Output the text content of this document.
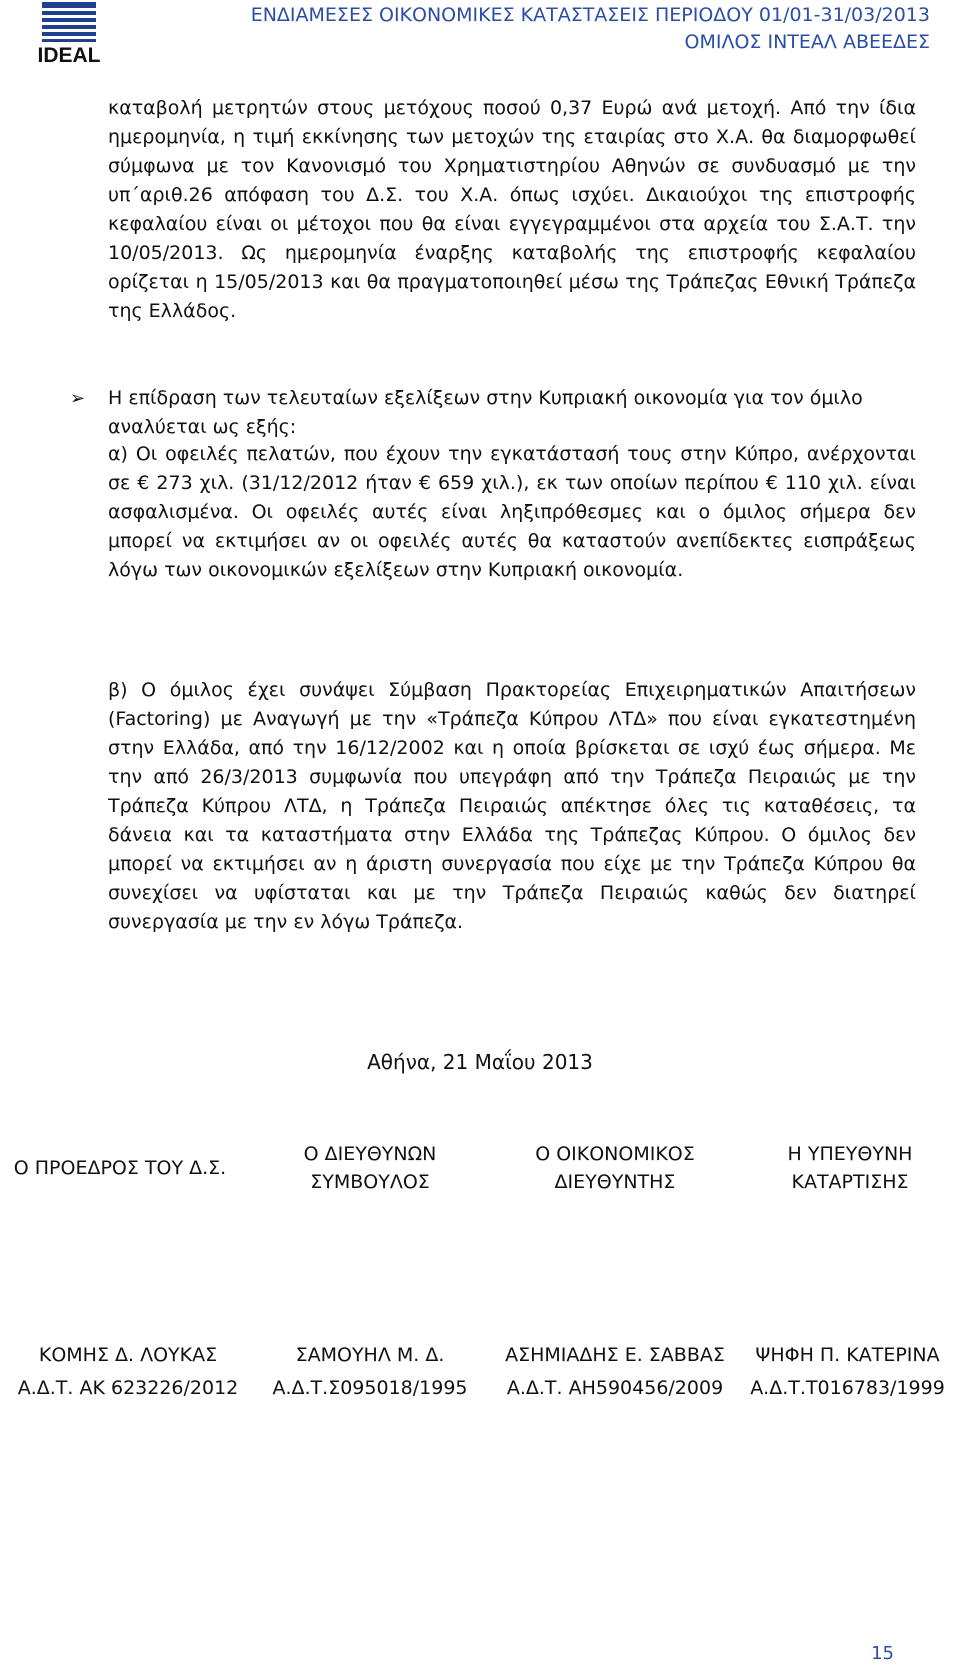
IDEAL
ΕΝΔΙΑΜΕΣΕΣ ΟΙΚΟΝΟΜΙΚΕΣ ΚΑΤΑΣΤΑΣΕΙΣ ΠΕΡΙΟΔΟΥ 01/01-31/03/2013
ΟΜΙΛΟΣ ΙΝΤΕΑΛ ΑΒΕΕΔΕΣ

καταβολή μετρητών στους μετόχους ποσού 0,37 Ευρώ ανά μετοχή. Από την ίδια ημερομηνία, η τιμή εκκίνησης των μετοχών της εταιρίας στο Χ.Α. θα διαμορφωθεί σύμφωνα με τον Κανονισμό του Χρηματιστηρίου Αθηνών σε συνδυασμό με την υπ΄αριθ.26 απόφαση του Δ.Σ. του Χ.Α. όπως ισχύει. Δικαιούχοι της επιστροφής κεφαλαίου είναι οι μέτοχοι που θα είναι εγγεγραμμένοι στα αρχεία του Σ.Α.Τ. την 10/05/2013. Ως ημερομηνία έναρξης καταβολής της επιστροφής κεφαλαίου ορίζεται η 15/05/2013 και θα πραγματοποιηθεί μέσω της Τράπεζας Εθνική Τράπεζα της Ελλάδος.

➢	Η επίδραση των τελευταίων εξελίξεων στην Κυπριακή οικονομία για τον όμιλο αναλύεται ως εξής:

α) Οι οφειλές πελατών, που έχουν την εγκατάστασή τους στην Κύπρο, ανέρχονται σε € 273 χιλ. (31/12/2012 ήταν € 659 χιλ.), εκ των οποίων περίπου € 110 χιλ. είναι ασφαλισμένα. Οι οφειλές αυτές είναι ληξιπρόθεσμες και ο όμιλος σήμερα δεν μπορεί να εκτιμήσει αν οι οφειλές αυτές θα καταστούν ανεπίδεκτες εισπράξεως λόγω των οικονομικών εξελίξεων στην Κυπριακή οικονομία.

β) Ο όμιλος έχει συνάψει Σύμβαση Πρακτορείας Επιχειρηματικών Απαιτήσεων (Factoring) με Αναγωγή με την «Τράπεζα Κύπρου ΛΤΔ» που είναι εγκατεστημένη στην Ελλάδα, από την 16/12/2002 και η οποία βρίσκεται σε ισχύ έως σήμερα. Με την από 26/3/2013 συμφωνία που υπεγράφη από την Τράπεζα Πειραιώς με την Τράπεζα Κύπρου ΛΤΔ, η Τράπεζα Πειραιώς απέκτησε όλες τις καταθέσεις, τα δάνεια και τα καταστήματα στην Ελλάδα της Τράπεζας Κύπρου. Ο όμιλος δεν μπορεί να εκτιμήσει αν η άριστη συνεργασία που είχε με την Τράπεζα Κύπρου θα συνεχίσει να υφίσταται και με την Τράπεζα Πειραιώς καθώς δεν διατηρεί συνεργασία με την εν λόγω Τράπεζα.

Αθήνα, 21 Μαΐου 2013
Ο ΠΡΟΕΔΡΟΣ ΤΟΥ Δ.Σ.
Ο ΔΙΕΥΘΥΝΩΝ
ΣΥΜΒΟΥΛΟΣ
Ο ΟΙΚΟΝΟΜΙΚΟΣ
ΔΙΕΥΘΥΝΤΗΣ
Η ΥΠΕΥΘΥΝΗ
ΚΑΤΑΡΤΙΣΗΣ
ΚΟΜΗΣ Δ. ΛΟΥΚΑΣ
Α.Δ.Τ. ΑΚ 623226/2012
ΣΑΜΟΥΗΛ Μ. Δ.
Α.Δ.Τ.Σ095018/1995
ΑΣΗΜΙΑΔΗΣ Ε. ΣΑΒΒΑΣ
Α.Δ.Τ. ΑΗ590456/2009
ΨΗΦΗ Π. ΚΑΤΕΡΙΝΑ
Α.Δ.Τ.Τ016783/1999
15
